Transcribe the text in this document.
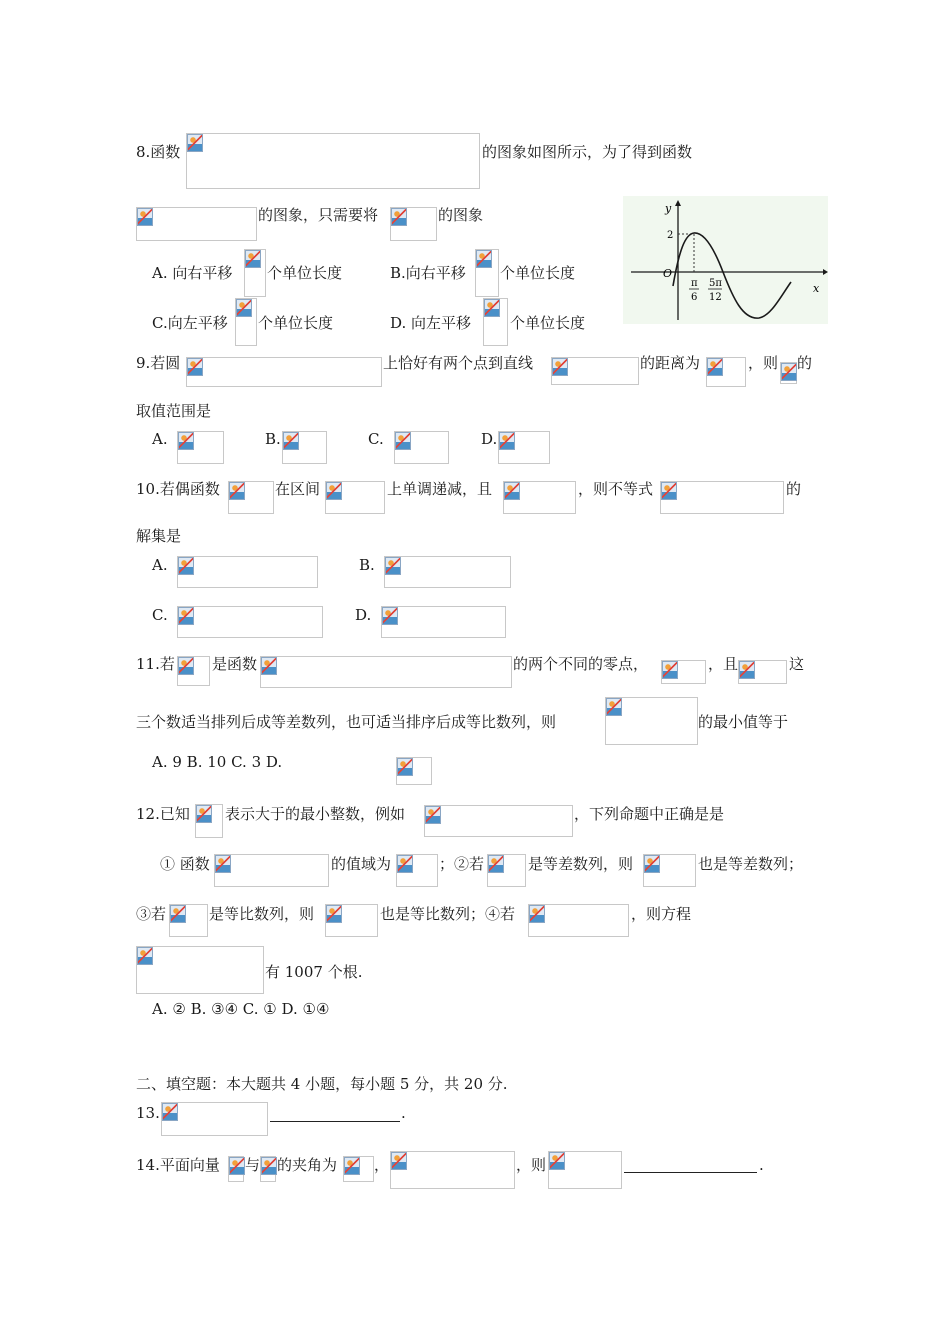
8.函数	的图象如图所示，为了得到函数
的图象，只需要将	的图象
A. 向右平移 个单位长度	B.向右平移 个单位长度
C.向左平移 个单位长度	D. 向左平移	个单位长度
y
x
O
2
π
6
5π
12
9.若圆	上恰好有两个点到直线	的距离为	，则 的
取值范围是
A.	B.	C.	D.
10.若偶函数	在区间	上单调递减，且	，则不等式	的
解集是
A.	B.
C.	D.
11.若 是函数	的两个不同的零点，	，且	这
三个数适当排列后成等差数列，也可适当排序后成等比数列，则	的最小值等于
A. 9 B. 10 C. 3 D.
12.已知 表示大于的最小整数，例如	，下列命题中正确是是
① 函数	的值域为	；②若	是等差数列，则	也是等差数列；
③若	是等比数列，则	也是等比数列；④若	，则方程
有 1007 个根.
A. ② B. ③④ C. ① D. ①④
二、填空题：本大题共 4 小题，每小题 5 分，共 20 分.
13.	.
14.平面向量 与 的夹角为 ，	，则	.
